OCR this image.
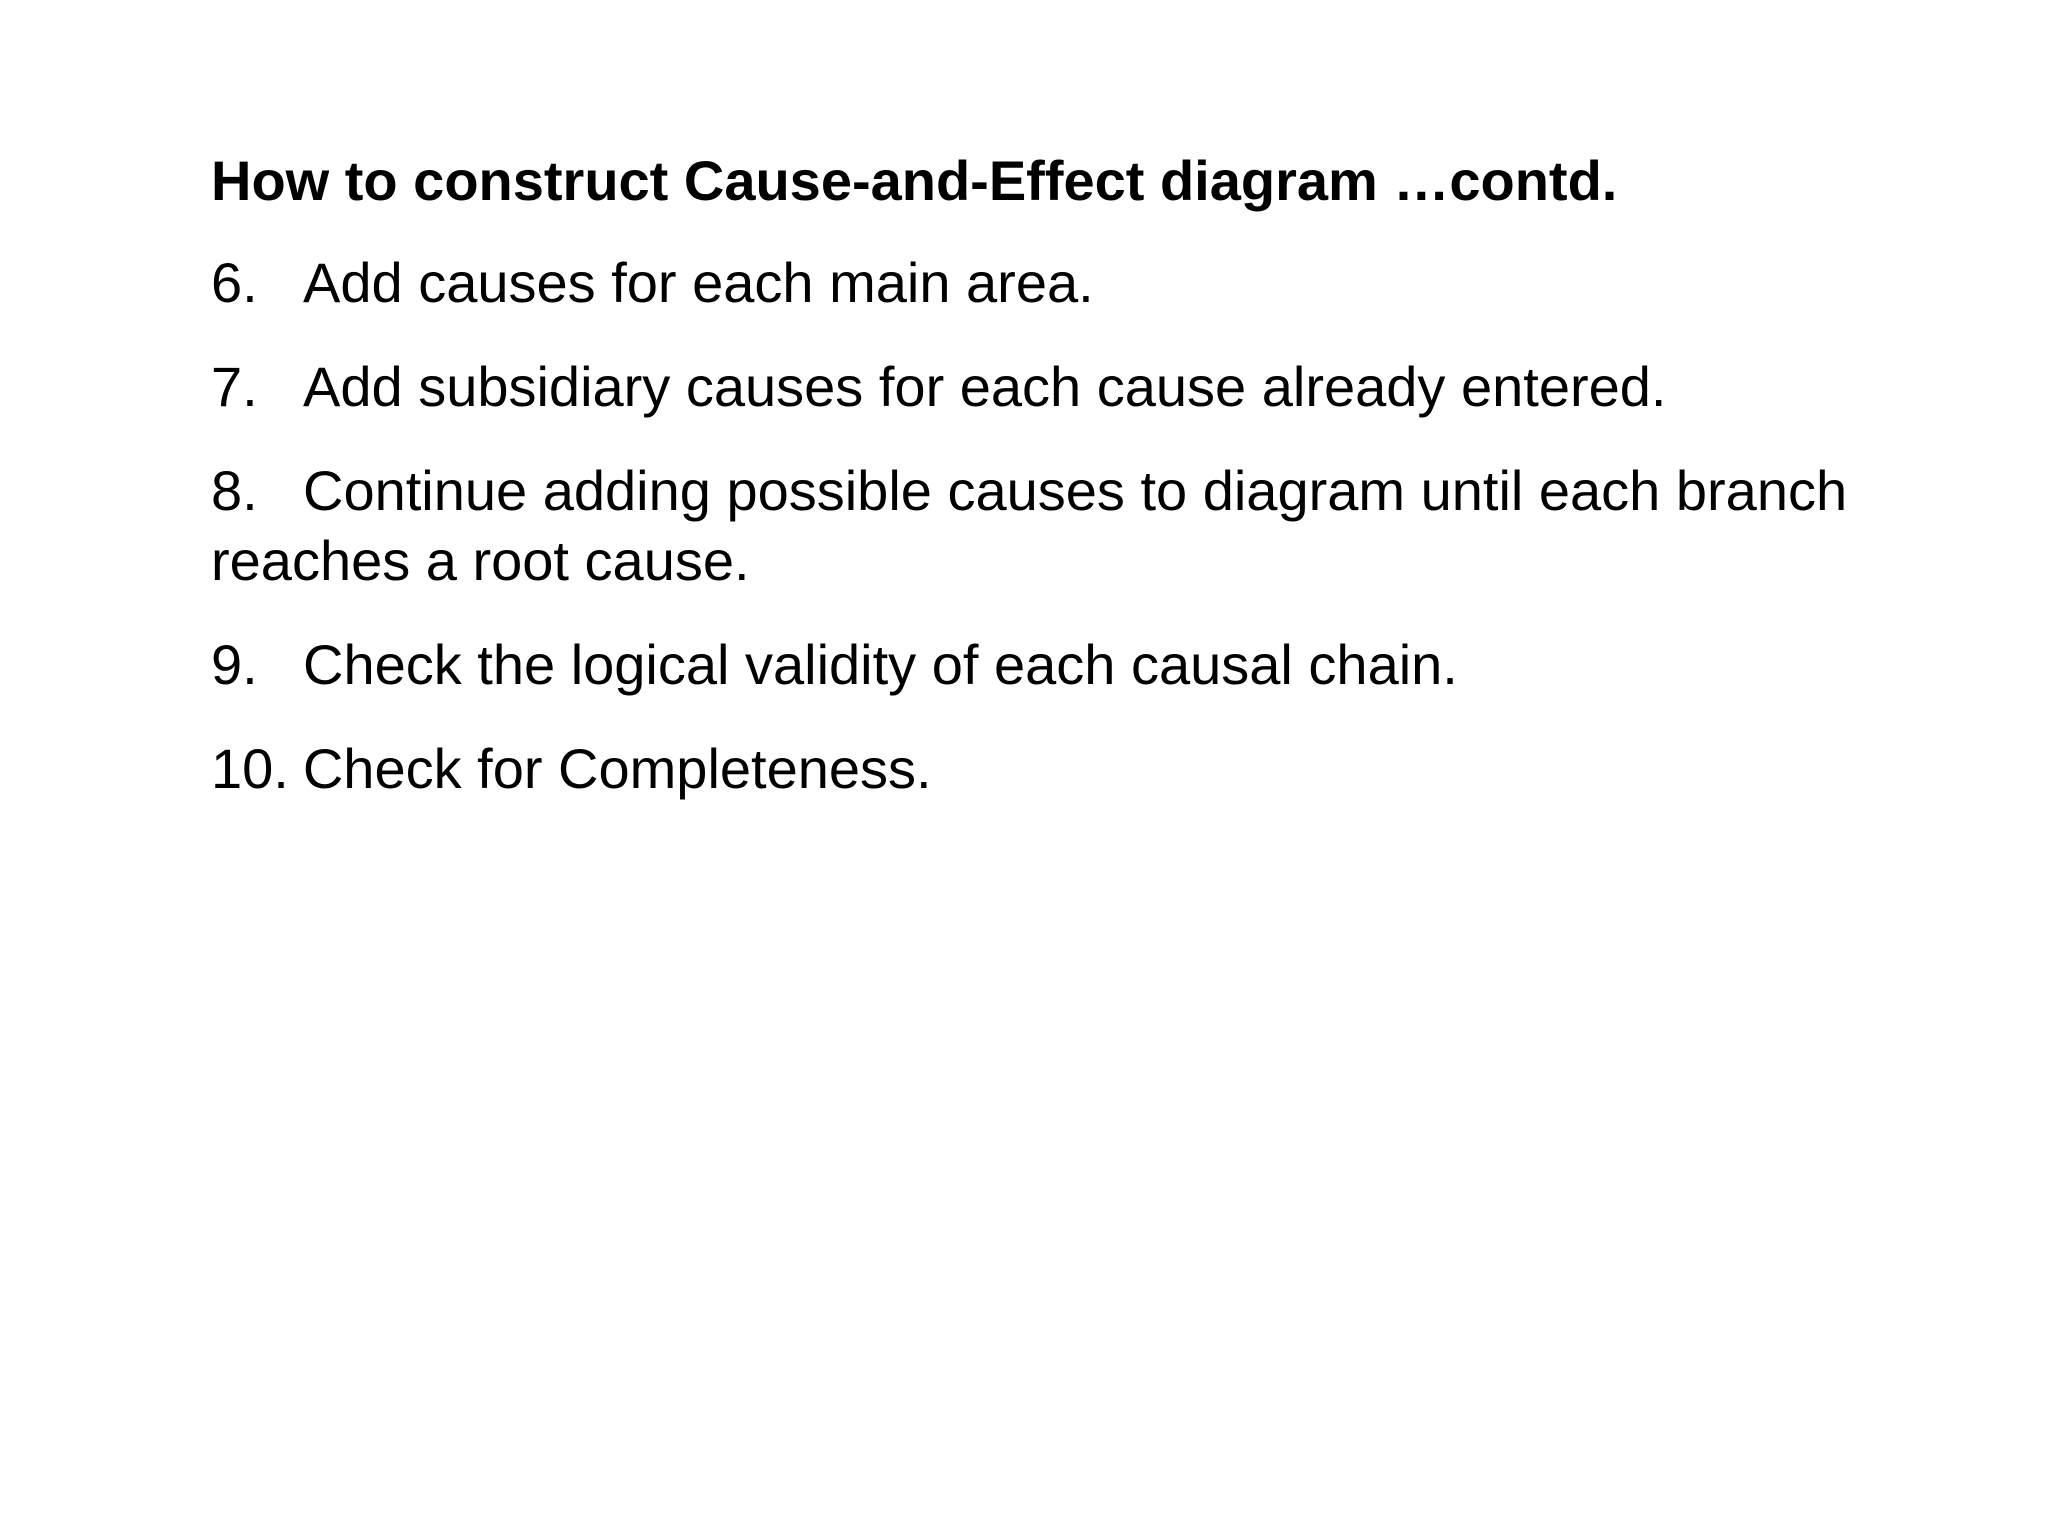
How to construct Cause-and-Effect diagram …contd.
6. Add causes for each main area.
7. Add subsidiary causes for each cause already entered.
8. Continue adding possible causes to diagram until each branch reaches a root cause.
9. Check the logical validity of each causal chain.
10. Check for Completeness.
